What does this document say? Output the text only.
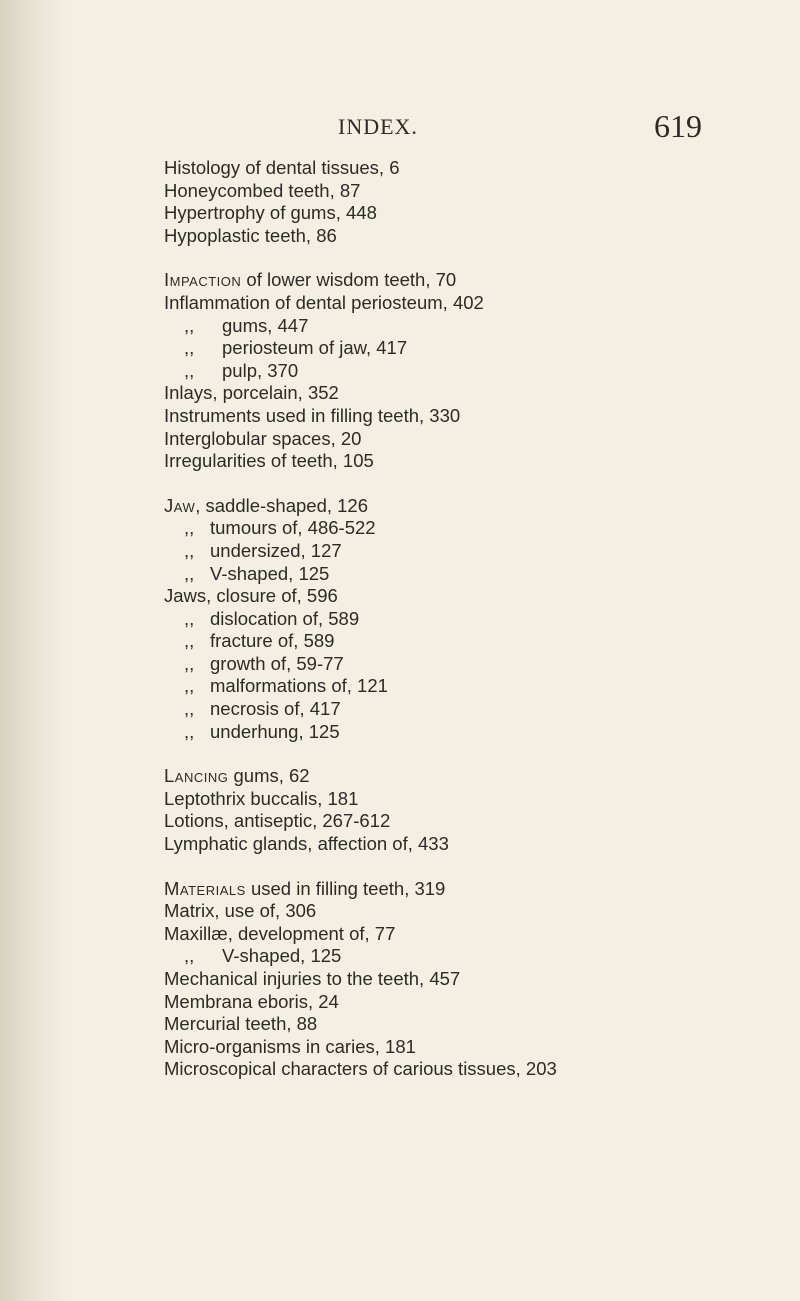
INDEX.	619
Histology of dental tissues, 6
Honeycombed teeth, 87
Hypertrophy of gums, 448
Hypoplastic teeth, 86
Impaction of lower wisdom teeth, 70
Inflammation of dental periosteum, 402
,, gums, 447
,, periosteum of jaw, 417
,, pulp, 370
Inlays, porcelain, 352
Instruments used in filling teeth, 330
Interglobular spaces, 20
Irregularities of teeth, 105
Jaw, saddle-shaped, 126
,, tumours of, 486-522
,, undersized, 127
,, V-shaped, 125
Jaws, closure of, 596
,, dislocation of, 589
,, fracture of, 589
,, growth of, 59-77
,, malformations of, 121
,, necrosis of, 417
,, underhung, 125
Lancing gums, 62
Leptothrix buccalis, 181
Lotions, antiseptic, 267-612
Lymphatic glands, affection of, 433
Materials used in filling teeth, 319
Matrix, use of, 306
Maxillæ, development of, 77
,, V-shaped, 125
Mechanical injuries to the teeth, 457
Membrana eboris, 24
Mercurial teeth, 88
Micro-organisms in caries, 181
Microscopical characters of carious tissues, 203
